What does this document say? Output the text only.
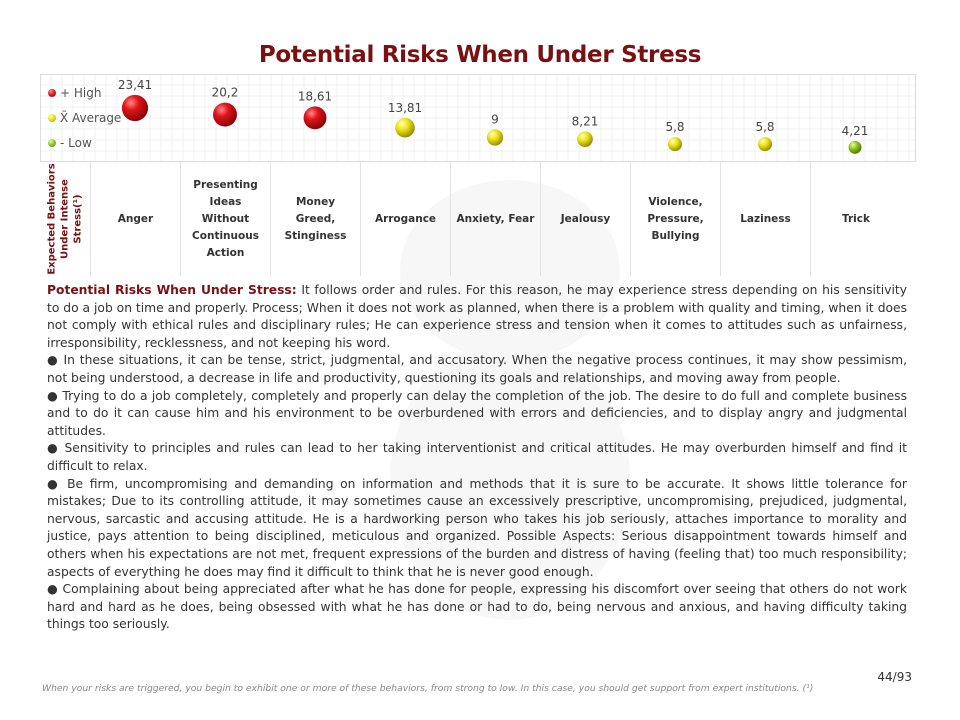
Potential Risks When Under Stress
23,41
20,2	18,61
13,81
9	8,21	5,8	5,8	4,21
+ High
X̄ Average
- Low
Expected Behaviors Under Intense Stress(¹)	Anger
Presenting Ideas Without Continuous Action
Money Greed, Stinginess
Arrogance	Anxiety, Fear	Jealousy
Violence, Pressure, Bullying
Laziness	Trick

Potential Risks When Under Stress: It follows order and rules. For this reason, he may experience stress depending on his sensitivity to do a job on time and properly. Process; When it does not work as planned, when there is a problem with quality and timing, when it does not comply with ethical rules and disciplinary rules; He can experience stress and tension when it comes to attitudes such as unfairness, irresponsibility, recklessness, and not keeping his word.

● In these situations, it can be tense, strict, judgmental, and accusatory. When the negative process continues, it may show pessimism, not being understood, a decrease in life and productivity, questioning its goals and relationships, and moving away from people.

● Trying to do a job completely, completely and properly can delay the completion of the job. The desire to do full and complete business and to do it can cause him and his environment to be overburdened with errors and deficiencies, and to display angry and judgmental attitudes.

● Sensitivity to principles and rules can lead to her taking interventionist and critical attitudes. He may overburden himself and find it difficult to relax.

● Be firm, uncompromising and demanding on information and methods that it is sure to be accurate. It shows little tolerance for mistakes; Due to its controlling attitude, it may sometimes cause an excessively prescriptive, uncompromising, prejudiced, judgmental, nervous, sarcastic and accusing attitude. He is a hardworking person who takes his job seriously, attaches importance to morality and justice, pays attention to being disciplined, meticulous and organized. Possible Aspects: Serious disappointment towards himself and others when his expectations are not met, frequent expressions of the burden and distress of having (feeling that) too much responsibility; aspects of everything he does may find it difficult to think that he is never good enough.

● Complaining about being appreciated after what he has done for people, expressing his discomfort over seeing that others do not work hard and hard as he does, being obsessed with what he has done or had to do, being nervous and anxious, and having difficulty taking things too seriously.

44/93
When your risks are triggered, you begin to exhibit one or more of these behaviors, from strong to low. In this case, you should get support from expert institutions. (¹)
